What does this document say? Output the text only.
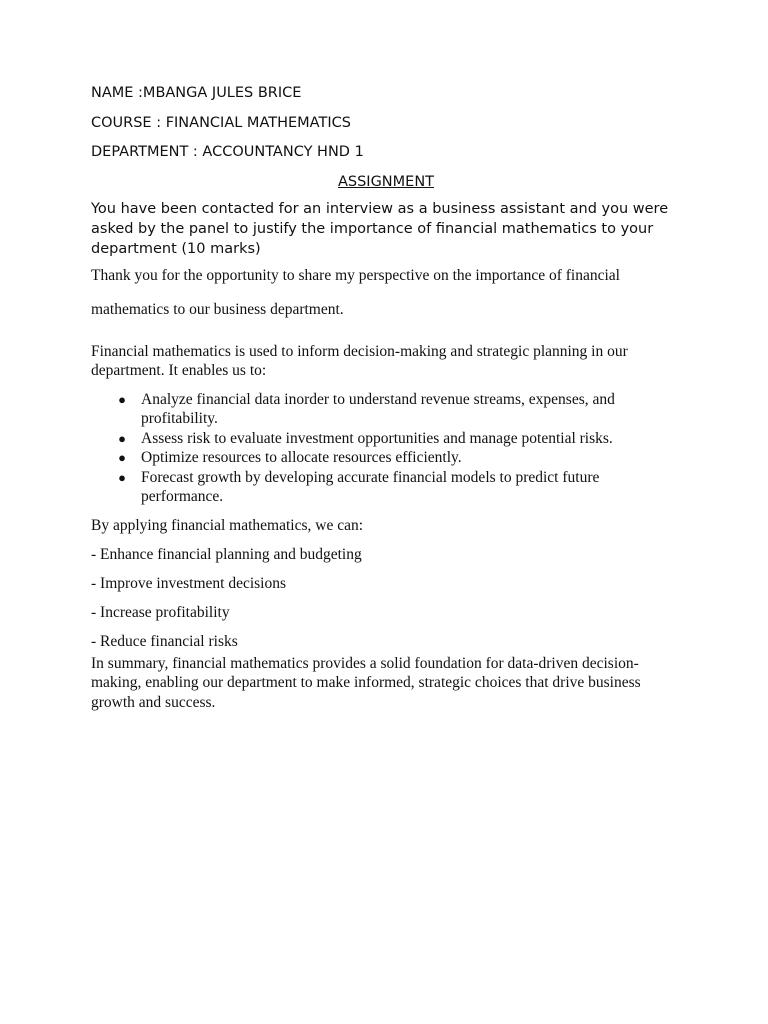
NAME :MBANGA JULES BRICE

COURSE : FINANCIAL MATHEMATICS

DEPARTMENT : ACCOUNTANCY HND 1

ASSIGNMENT

You have been contacted for an interview as a business assistant and you were asked by the panel to justify the importance of financial mathematics to your department (10 marks)

Thank you for the opportunity to share my perspective on the importance of financial

mathematics to our business department.

Financial mathematics is used to inform decision-making and strategic planning in our department. It enables us to:

● Analyze financial data inorder to understand revenue streams, expenses, and profitability.
● Assess risk to evaluate investment opportunities and manage potential risks.
● Optimize resources to allocate resources efficiently.
● Forecast growth by developing accurate financial models to predict future performance.

By applying financial mathematics, we can:

- Enhance financial planning and budgeting

- Improve investment decisions

- Increase profitability

- Reduce financial risks

In summary, financial mathematics provides a solid foundation for data-driven decision-making, enabling our department to make informed, strategic choices that drive business growth and success.
